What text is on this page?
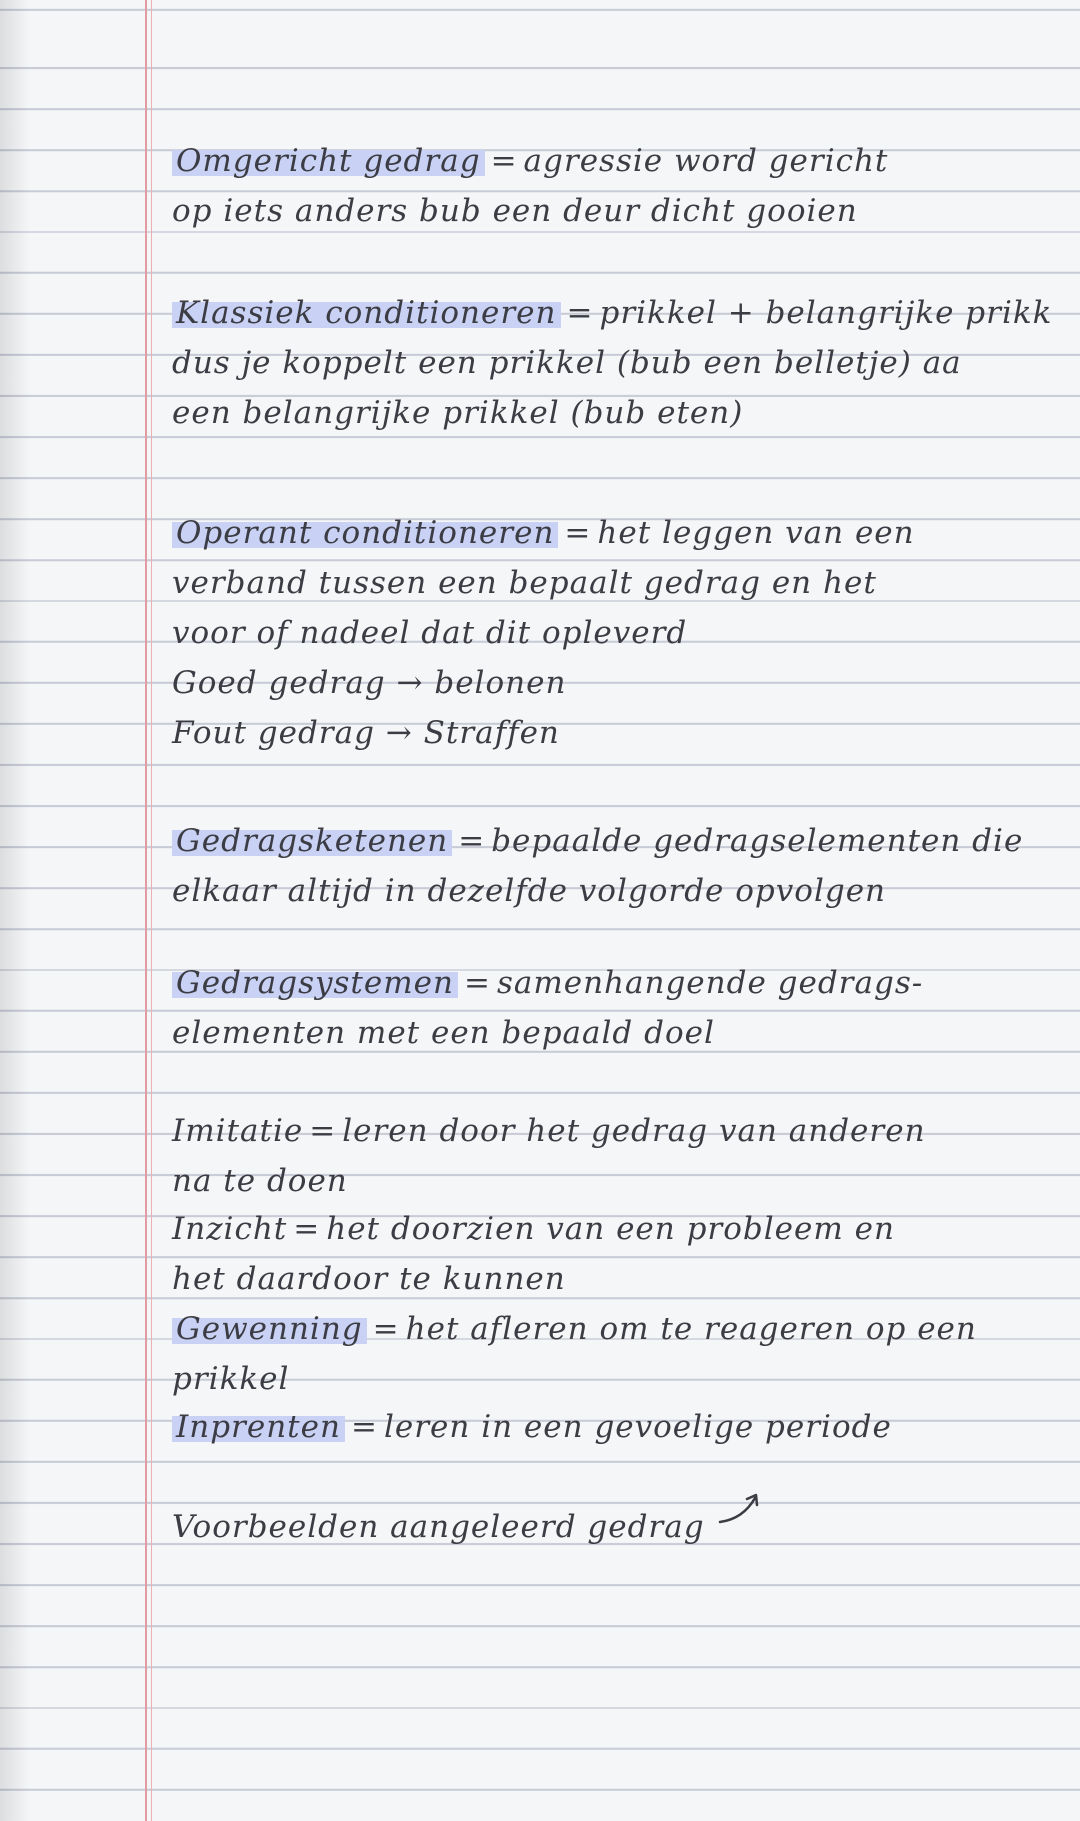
Omgericht gedrag = agressie word gericht
op iets anders bub een deur dicht gooien
Klassiek conditioneren = prikkel + belangrijke prikk
dus je koppelt een prikkel (bub een belletje) aa
een belangrijke prikkel (bub eten)
Operant conditioneren = het leggen van een
verband tussen een bepaalt gedrag en het
voor of nadeel dat dit opleverd
Goed gedrag → belonen
Fout gedrag → Straffen
Gedragsketenen = bepaalde gedragselementen die
elkaar altijd in dezelfde volgorde opvolgen
Gedragsystemen = samenhangende gedrags-
elementen met een bepaald doel
Imitatie = leren door het gedrag van anderen
na te doen
Inzicht = het doorzien van een probleem en
het daardoor te kunnen
Gewenning = het afleren om te reageren op een
prikkel
Inprenten = leren in een gevoelige periode
Voorbeelden aangeleerd gedrag
